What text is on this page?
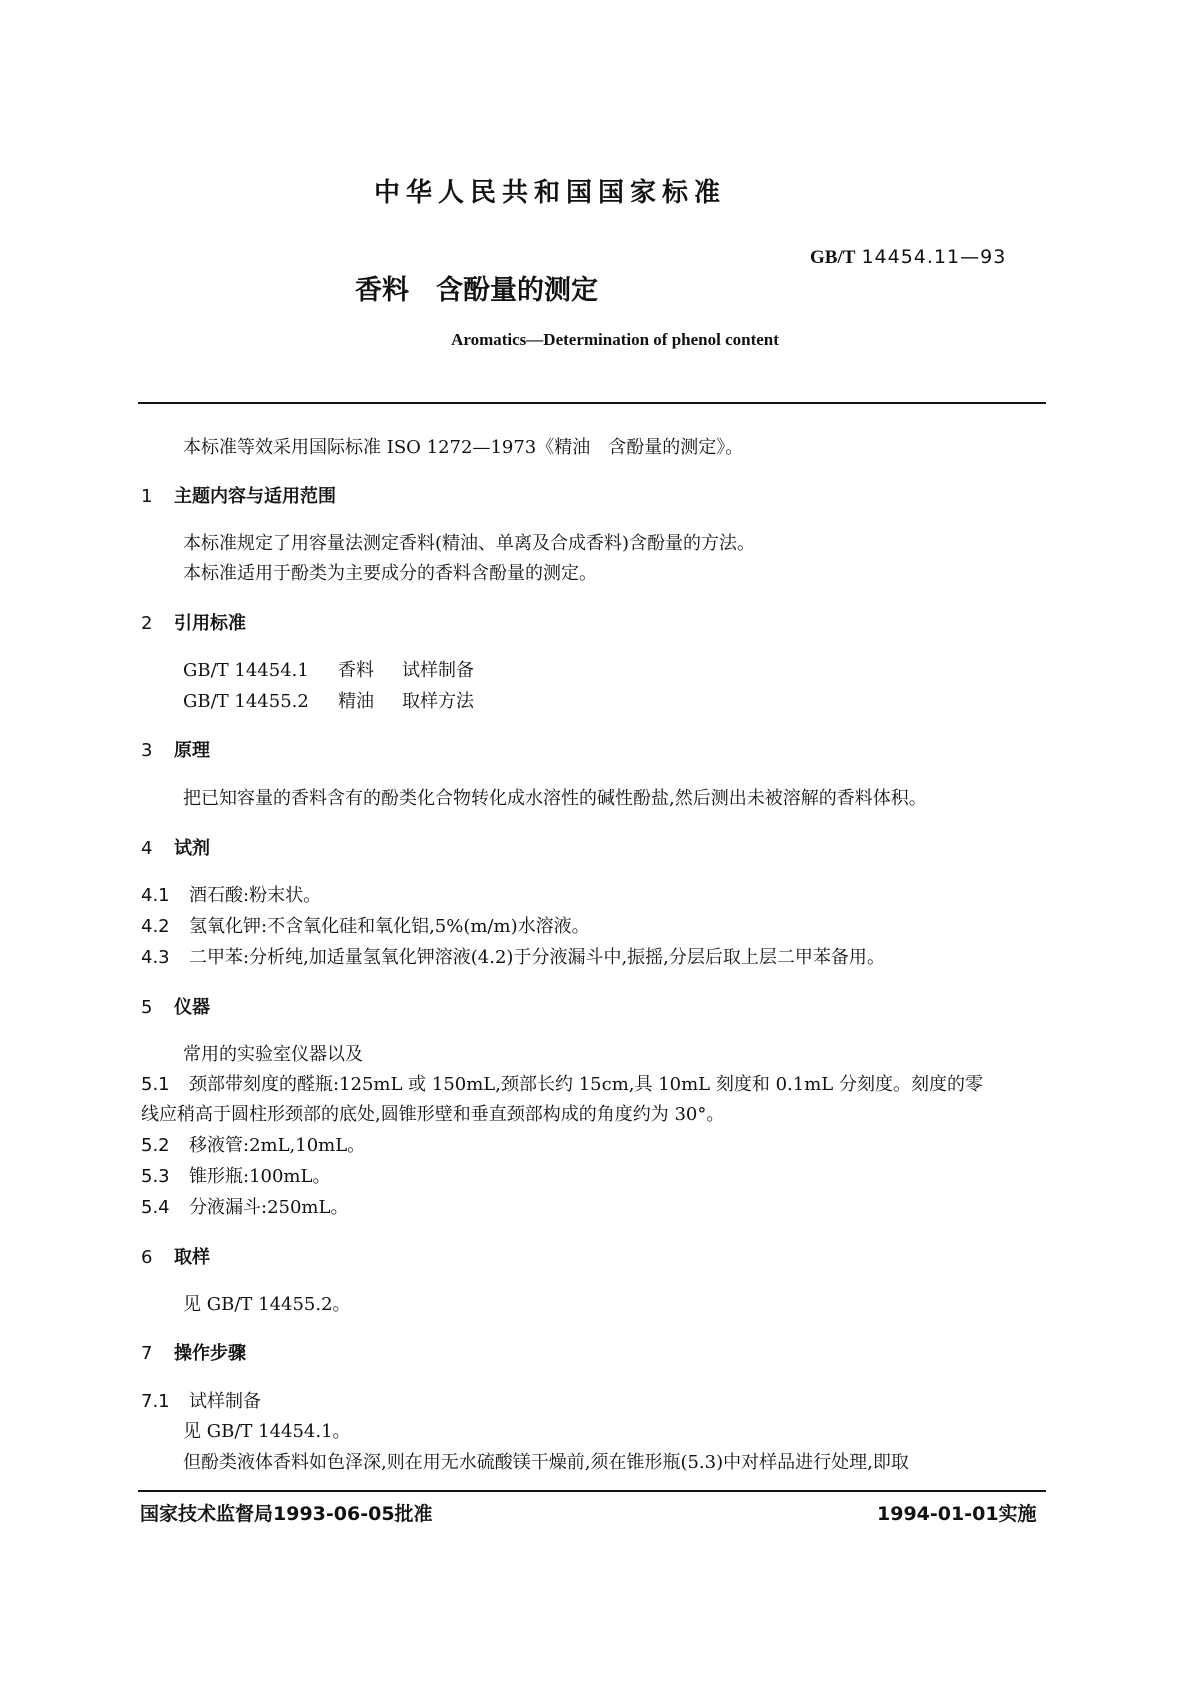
中华人民共和国国家标准
GB/T 14454.11—93
香料　含酚量的测定
Aromatics—Determination of phenol content
本标准等效采用国际标准 ISO 1272—1973《精油　含酚量的测定》。
1 主题内容与适用范围
本标准规定了用容量法测定香料(精油、单离及合成香料)含酚量的方法。
本标准适用于酚类为主要成分的香料含酚量的测定。
2 引用标准
GB/T 14454.1 香料 试样制备
GB/T 14455.2 精油 取样方法
3 原理
把已知容量的香料含有的酚类化合物转化成水溶性的碱性酚盐,然后测出未被溶解的香料体积。
4 试剂
4.1 酒石酸:粉末状。
4.2 氢氧化钾:不含氧化硅和氧化铝,5%(m/m)水溶液。
4.3 二甲苯:分析纯,加适量氢氧化钾溶液(4.2)于分液漏斗中,振摇,分层后取上层二甲苯备用。
5 仪器
常用的实验室仪器以及
5.1 颈部带刻度的醛瓶:125mL 或 150mL,颈部长约 15cm,具 10mL 刻度和 0.1mL 分刻度。刻度的零
线应稍高于圆柱形颈部的底处,圆锥形壁和垂直颈部构成的角度约为 30°。
5.2 移液管:2mL,10mL。
5.3 锥形瓶:100mL。
5.4 分液漏斗:250mL。
6 取样
见 GB/T 14455.2。
7 操作步骤
7.1 试样制备
见 GB/T 14454.1。
但酚类液体香料如色泽深,则在用无水硫酸镁干燥前,须在锥形瓶(5.3)中对样品进行处理,即取
国家技术监督局1993-06-05批准	1994-01-01实施
